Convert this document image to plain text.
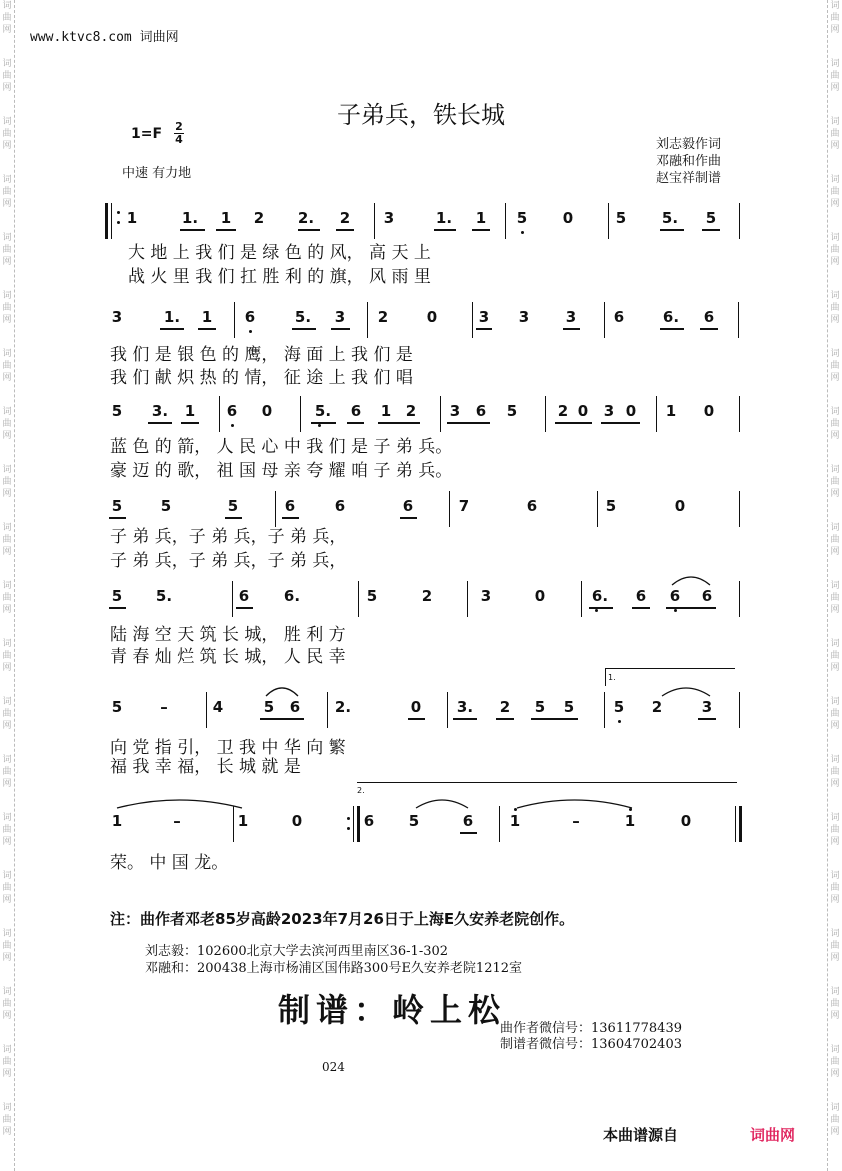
词
曲
网
词
曲
网
词
曲
网
词
曲
网
词
曲
网
词
曲
网
词
曲
网
词
曲
网
词
曲
网
词
曲
网
词
曲
网
词
曲
网
词
曲
网
词
曲
网
词
曲
网
词
曲
网
词
曲
网
词
曲
网
词
曲
网
词
曲
网
词
曲
网
词
曲
网
词
曲
网
词
曲
网
词
曲
网
词
曲
网
词
曲
网
词
曲
网
词
曲
网
词
曲
网
词
曲
网
词
曲
网
词
曲
网
词
曲
网
词
曲
网
词
曲
网
词
曲
网
词
曲
网
词
曲
网
词
曲
网
www.ktvc8.com 词曲网
子弟兵，铁长城
1=F 2
4
中速 有力地
刘志毅作词
邓融和作曲
赵宝祥制谱
1	1. 1 2 2. 2 3	1. 1 5 0	5 5. 5
3	1. 1 6	5. 3 2	0	3 3 3	6	6. 6
5 3. 1 6 0	5. 6 1 2 3 6 5	2 0 3 0 1 0
5	5	5	6	6	6	7	6	5	0
5 5.	6 6.	5	2	3	0	6. 6 6 6
5	–	4	5 6 2.	0 3. 2 5 5	5 2	3
1	–	1	0	6 5	6 1	–	1	0
大 地 上 我 们 是 绿 色 的 风， 高 天 上
战 火 里 我 们 扛 胜 利 的 旗， 风 雨 里
我 们 是 银 色 的 鹰， 海 面 上 我 们 是
我 们 献 炽 热 的 情， 征 途 上 我 们 唱
蓝 色 的 箭， 人 民 心 中 我 们 是 子 弟 兵。
豪 迈 的 歌， 祖 国 母 亲 夸 耀 咱 子 弟 兵。
子 弟 兵，子 弟 兵，子 弟 兵，
子 弟 兵，子 弟 兵，子 弟 兵，
陆 海 空 天 筑 长 城， 胜 利 方
青 春 灿 烂 筑 长 城， 人 民 幸
向 党 指 引， 卫 我 中 华 向 繁
福 我 幸 福， 长 城 就 是
荣。 中 国 龙。
1.
2.
注：曲作者邓老85岁高龄2023年7月26日于上海E久安养老院创作。
刘志毅：102600北京大学去滨河西里南区36-1-302
邓融和：200438上海市杨浦区国伟路300号E久安养老院1212室
制谱：岭上松
曲作者微信号：13611778439
制谱者微信号：13604702403
024
本曲谱源自	词曲网
